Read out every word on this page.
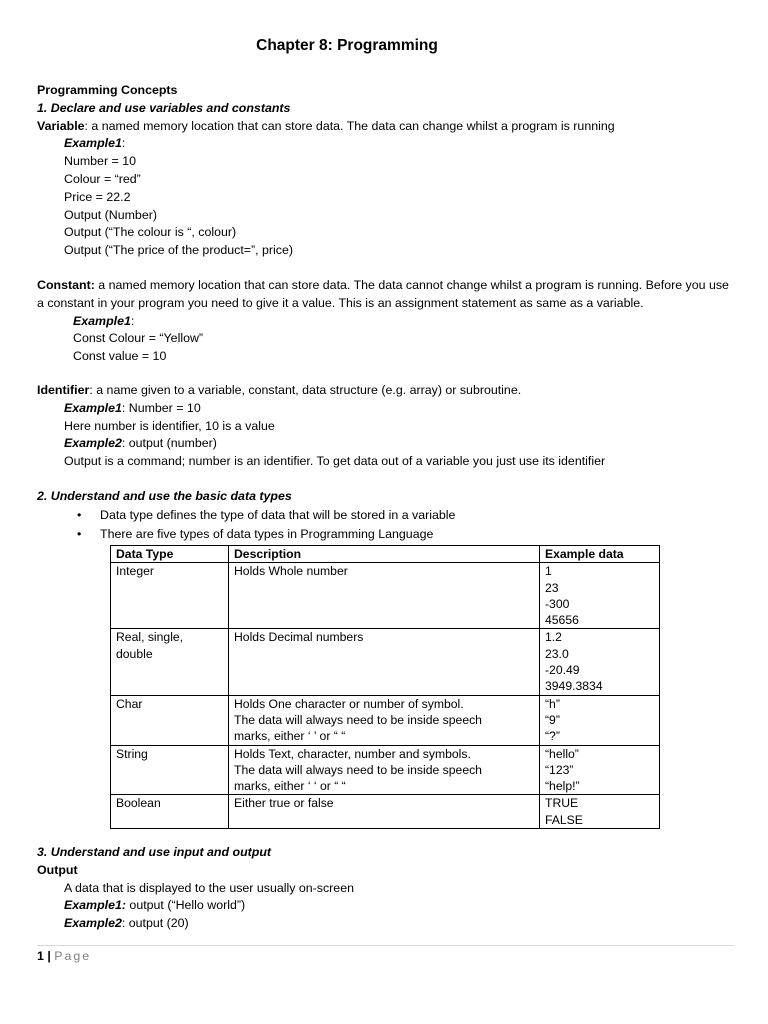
Chapter 8: Programming
Programming Concepts
1. Declare and use variables and constants
Variable: a named memory location that can store data. The data can change whilst a program is running
Example1:
Number = 10
Colour = “red”
Price = 22.2
Output (Number)
Output (“The colour is “, colour)
Output (“The price of the product=”, price)
Constant: a named memory location that can store data. The data cannot change whilst a program is running. Before you use a constant in your program you need to give it a value. This is an assignment statement as same as a variable.
Example1:
Const Colour = “Yellow”
Const value = 10
Identifier: a name given to a variable, constant, data structure (e.g. array) or subroutine.
Example1: Number = 10
Here number is identifier, 10 is a value
Example2: output (number)
Output is a command; number is an identifier. To get data out of a variable you just use its identifier
2. Understand and use the basic data types
• Data type defines the type of data that will be stored in a variable
• There are five types of data types in Programming Language
Data Type	Description	Example data

Integer	Holds Whole number	1
23
-300
45656

Real, single,
double	Holds Decimal numbers	1.2
23.0
-20.49
3949.3834

Char	Holds One character or number of symbol.
The data will always need to be inside speech
marks, either ‘ ’ or “ “	“h”
“9”
“?”

String	Holds Text, character, number and symbols.
The data will always need to be inside speech
marks, either ‘ ‘ or “ “	“hello”
“123”
“help!”

Boolean	Either true or false	TRUE
FALSE
3. Understand and use input and output
Output
A data that is displayed to the user usually on-screen
Example1: output (“Hello world”)
Example2: output (20)
1 | Page
